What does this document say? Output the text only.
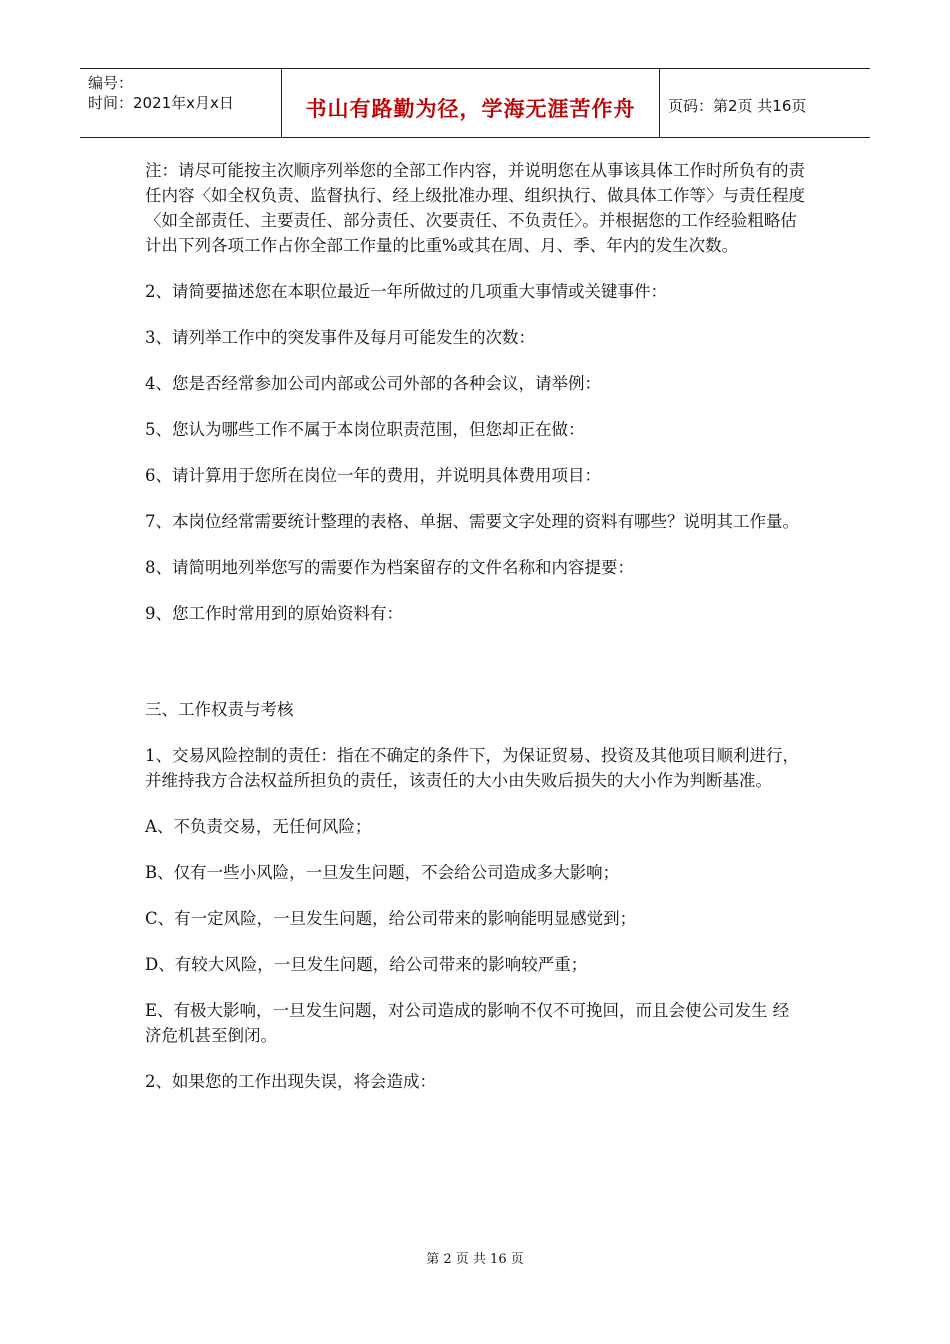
编号：
时间：2021年x月x日	书山有路勤为径，学海无涯苦作舟	页码：第2页 共16页

注：请尽可能按主次顺序列举您的全部工作内容，并说明您在从事该具体工作时所负有的责任内容〈如全权负责、监督执行、经上级批准办理、组织执行、做具体工作等〉与责任程度〈如全部责任、主要责任、部分责任、次要责任、不负责任〉。并根据您的工作经验粗略估计出下列各项工作占你全部工作量的比重%或其在周、月、季、年内的发生次数。

2、请简要描述您在本职位最近一年所做过的几项重大事情或关键事件：

3、请列举工作中的突发事件及每月可能发生的次数：

4、您是否经常参加公司内部或公司外部的各种会议，请举例：

5、您认为哪些工作不属于本岗位职责范围，但您却正在做：

6、请计算用于您所在岗位一年的费用，并说明具体费用项目：

7、本岗位经常需要统计整理的表格、单据、需要文字处理的资料有哪些？说明其工作量。

8、请简明地列举您写的需要作为档案留存的文件名称和内容提要：

9、您工作时常用到的原始资料有：

三、工作权责与考核

1、交易风险控制的责任：指在不确定的条件下，为保证贸易、投资及其他项目顺利进行，并维持我方合法权益所担负的责任，该责任的大小由失败后损失的大小作为判断基准。

A、不负责交易，无任何风险；

B、仅有一些小风险，一旦发生问题，不会给公司造成多大影响；

C、有一定风险，一旦发生问题，给公司带来的影响能明显感觉到；

D、有较大风险，一旦发生问题，给公司带来的影响较严重；

E、有极大影响，一旦发生问题，对公司造成的影响不仅不可挽回，而且会使公司发生 经济危机甚至倒闭。

2、如果您的工作出现失误，将会造成：

第 2 页 共 16 页
